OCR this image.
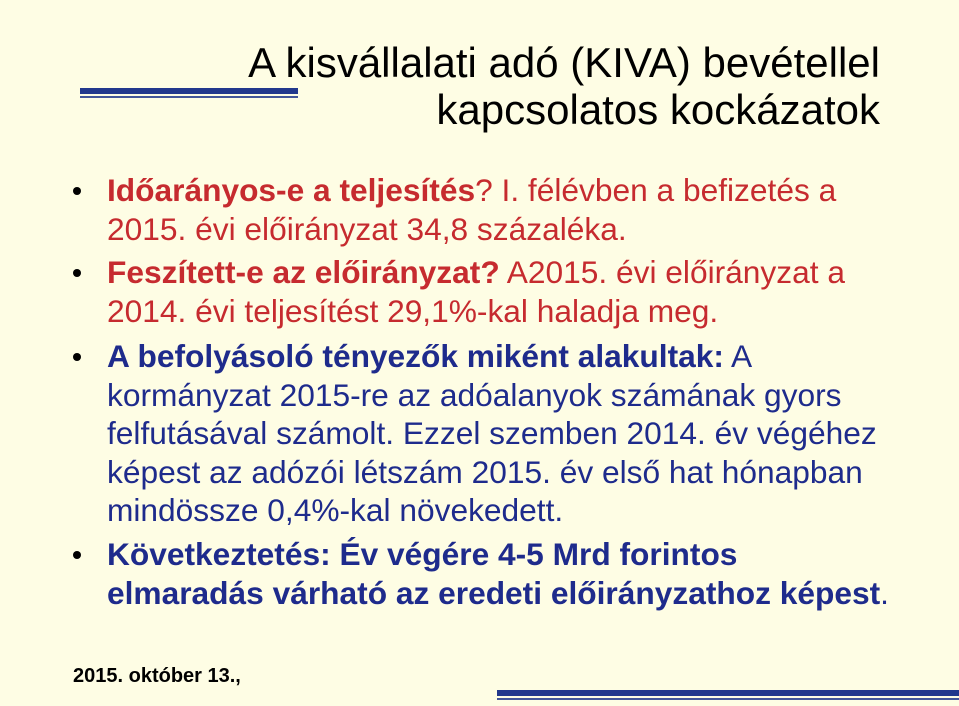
A kisvállalati adó (KIVA) bevétellel
kapcsolatos kockázatok
Időarányos-e a teljesítés? I. félévben a befizetés a
2015. évi előirányzat 34,8 százaléka.
Feszített-e az előirányzat? A2015. évi előirányzat a
2014. évi teljesítést 29,1%-kal haladja meg.
A befolyásoló tényezők miként alakultak: A
kormányzat 2015-re az adóalanyok számának gyors
felfutásával számolt. Ezzel szemben 2014. év végéhez
képest az adózói létszám 2015. év első hat hónapban
mindössze 0,4%-kal növekedett.
Következtetés: Év végére 4-5 Mrd forintos
elmaradás várható az eredeti előirányzathoz képest.
2015. október 13.,
